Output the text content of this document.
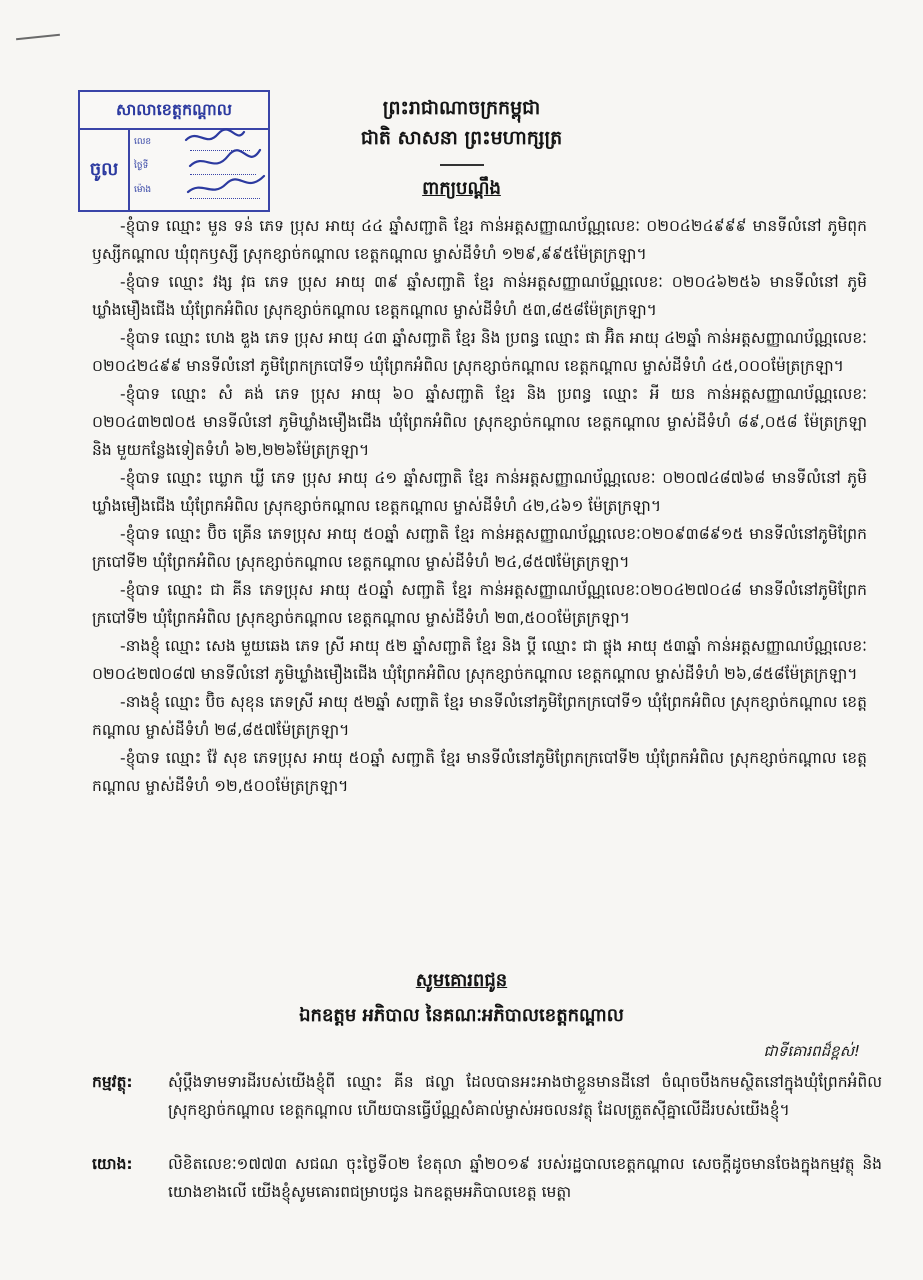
សាលាខេត្តកណ្ដាល
ចូល
លេខ
ថ្ងៃទី
ម៉ោង
ព្រះរាជាណាចក្រកម្ពុជា
ជាតិ សាសនា ព្រះមហាក្សត្រ
ពាក្យបណ្តឹង

-ខ្ញុំបាទ ឈ្មោះ មួន ទន់ ភេទ ប្រុស អាយុ ៤៤ ឆ្នាំសញ្ជាតិ ខ្មែរ កាន់អត្តសញ្ញាណប័ណ្ណលេខៈ ០២០៤២៤៩៩៩ មានទីលំនៅ ភូមិពុកឫស្សីកណ្ដាល ឃុំពុកឫស្សី ស្រុកខ្សាច់កណ្ដាល ខេត្តកណ្ដាល ម្ចាស់ដីទំហំ ១២៩,៩៩៥ម៉ែត្រក្រឡា។

-ខ្ញុំបាទ ឈ្មោះ វង្ស វុធ ភេទ ប្រុស អាយុ ៣៩ ឆ្នាំសញ្ជាតិ ខ្មែរ កាន់អត្តសញ្ញាណប័ណ្ណលេខៈ ០២០៤៦២៥៦ មានទីលំនៅ ភូមិឃ្លាំងមឿងជើង ឃុំព្រែកអំពិល ស្រុកខ្សាច់កណ្ដាល ខេត្តកណ្ដាល ម្ចាស់ដីទំហំ ៥៣,៨៥៨ម៉ែត្រក្រឡា។

-ខ្ញុំបាទ ឈ្មោះ ហេង ឌួង ភេទ ប្រុស អាយុ ៤៣ ឆ្នាំសញ្ជាតិ ខ្មែរ និង ប្រពន្ធ ឈ្មោះ ផា អ៊ិត អាយុ ៤២ឆ្នាំ កាន់អត្តសញ្ញាណប័ណ្ណលេខៈ ០២០៤២៤៩៩ មានទីលំនៅ ភូមិព្រែកក្របៅទី១ ឃុំព្រែកអំពិល ស្រុកខ្សាច់កណ្ដាល ខេត្តកណ្ដាល ម្ចាស់ដីទំហំ ៤៥,០០០ម៉ែត្រក្រឡា។

-ខ្ញុំបាទ ឈ្មោះ សំ គង់ ភេទ ប្រុស អាយុ ៦០ ឆ្នាំសញ្ជាតិ ខ្មែរ និង ប្រពន្ធ ឈ្មោះ អី យន កាន់អត្តសញ្ញាណប័ណ្ណលេខៈ ០២០៤៣២៧០៥ មានទីលំនៅ ភូមិឃ្លាំងមឿងជើង ឃុំព្រែកអំពិល ស្រុកខ្សាច់កណ្ដាល ខេត្តកណ្ដាល ម្ចាស់ដីទំហំ ៨៩,០៥៨ ម៉ែត្រក្រឡា និង មួយកន្លែងទៀតទំហំ ៦២,២២៦ម៉ែត្រក្រឡា។

-ខ្ញុំបាទ ឈ្មោះ ឃ្លោក ឃ្លី ភេទ ប្រុស អាយុ ៤១ ឆ្នាំសញ្ជាតិ ខ្មែរ កាន់អត្តសញ្ញាណប័ណ្ណលេខៈ ០២០៧៤៨៧៦៨ មានទីលំនៅ ភូមិឃ្លាំងមឿងជើង ឃុំព្រែកអំពិល ស្រុកខ្សាច់កណ្ដាល ខេត្តកណ្ដាល ម្ចាស់ដីទំហំ ៤២,៤៦១ ម៉ែត្រក្រឡា។

-ខ្ញុំបាទ ឈ្មោះ ប៊ិច គ្រើន ភេទប្រុស អាយុ ៥០ឆ្នាំ សញ្ជាតិ ខ្មែរ កាន់អត្តសញ្ញាណប័ណ្ណលេខៈ០២០៩៣៨៩១៥ មានទីលំនៅភូមិព្រែកក្របៅទី២ ឃុំព្រែកអំពិល ស្រុកខ្សាច់កណ្ដាល ខេត្តកណ្ដាល ម្ចាស់ដីទំហំ ២៤,៨៥៧ម៉ែត្រក្រឡា។

-ខ្ញុំបាទ ឈ្មោះ ជា គីន ភេទប្រុស អាយុ ៥០ឆ្នាំ សញ្ជាតិ ខ្មែរ កាន់អត្តសញ្ញាណប័ណ្ណលេខៈ០២០៤២៧០៤៨ មានទីលំនៅភូមិព្រែកក្របៅទី២ ឃុំព្រែកអំពិល ស្រុកខ្សាច់កណ្ដាល ខេត្តកណ្ដាល ម្ចាស់ដីទំហំ ២៣,៥០០ម៉ែត្រក្រឡា។

-នាងខ្ញុំ ឈ្មោះ សេង មួយឆេង ភេទ ស្រី អាយុ ៥២ ឆ្នាំសញ្ជាតិ ខ្មែរ និង ប្តី ឈ្មោះ ជា ផ្លុង អាយុ ៥៣ឆ្នាំ កាន់អត្តសញ្ញាណប័ណ្ណលេខៈ ០២០៤២៧០៨៧ មានទីលំនៅ ភូមិឃ្លាំងមឿងជើង ឃុំព្រែកអំពិល ស្រុកខ្សាច់កណ្ដាល ខេត្តកណ្ដាល ម្ចាស់ដីទំហំ ២៦,៨៥៨ម៉ែត្រក្រឡា។

-នាងខ្ញុំ ឈ្មោះ ប៊ិច សុខុន ភេទស្រី អាយុ ៥២ឆ្នាំ សញ្ជាតិ ខ្មែរ មានទីលំនៅភូមិព្រែកក្របៅទី១ ឃុំព្រែកអំពិល ស្រុកខ្សាច់កណ្ដាល ខេត្តកណ្ដាល ម្ចាស់ដីទំហំ ២៨,៨៥៧ម៉ែត្រក្រឡា។

-ខ្ញុំបាទ ឈ្មោះ វ៉ែ សុខ ភេទប្រុស អាយុ ៥០ឆ្នាំ សញ្ជាតិ ខ្មែរ មានទីលំនៅភូមិព្រែកក្របៅទី២ ឃុំព្រែកអំពិល ស្រុកខ្សាច់កណ្ដាល ខេត្តកណ្ដាល ម្ចាស់ដីទំហំ ១២,៥០០ម៉ែត្រក្រឡា។

សូមគោរពជូន
ឯកឧត្តម អភិបាល នៃគណៈអភិបាលខេត្តកណ្ដាល
ជាទីគោរពដ៏ខ្ពស់!
កម្មវត្ថុ:	សុំប្ដឹងទាមទារដីរបស់យើងខ្ញុំពី ឈ្មោះ គីន ផល្លា ដែលបានអះអាងថាខ្លួនមានដីនៅ ចំណុចបឹងកមស្ថិតនៅក្នុងឃុំព្រែកអំពិល ស្រុកខ្សាច់កណ្ដាល ខេត្តកណ្ដាល ហើយបានធ្វើប័ណ្ណសំគាល់ម្ចាស់អចលនវត្ថុ ដែលត្រួតស៊ីគ្នាលើដីរបស់យើងខ្ញុំ។
យោង:	លិខិតលេខៈ១៧៧៣ សជណ ចុះថ្ងៃទី០២ ខែតុលា ឆ្នាំ២០១៩ របស់រដ្ឋបាលខេត្តកណ្ដាល សេចក្តីដូចមានចែងក្នុងកម្មវត្ថុ និង យោងខាងលើ យើងខ្ញុំសូមគោរពជម្រាបជូន ឯកឧត្តមអភិបាលខេត្ត មេត្តា
